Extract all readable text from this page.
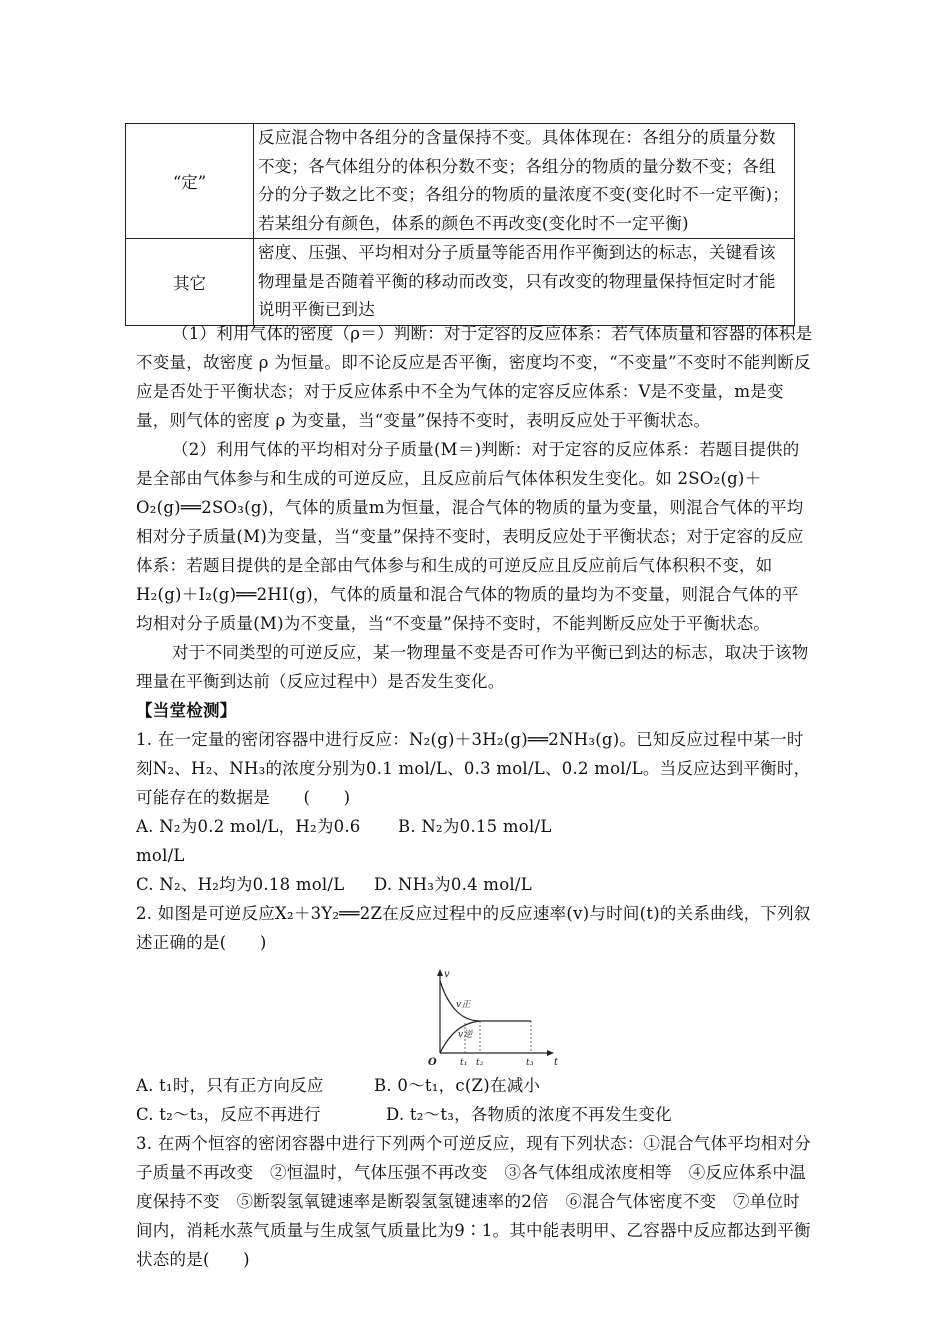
“定”	反应混合物中各组分的含量保持不变。具体体现在：各组分的质量分数不变；各气体组分的体积分数不变；各组分的物质的量分数不变；各组分的分子数之比不变；各组分的物质的量浓度不变(变化时不一定平衡)；若某组分有颜色，体系的颜色不再改变(变化时不一定平衡)
其它	密度、压强、平均相对分子质量等能否用作平衡到达的标志，关键看该物理量是否随着平衡的移动而改变，只有改变的物理量保持恒定时才能说明平衡已到达

（1）利用气体的密度（ρ＝）判断：对于定容的反应体系：若气体质量和容器的体积是不变量，故密度 ρ 为恒量。即不论反应是否平衡，密度均不变，“不变量”不变时不能判断反应是否处于平衡状态；对于反应体系中不全为气体的定容反应体系：V是不变量，m是变量，则气体的密度 ρ 为变量，当“变量”保持不变时，表明反应处于平衡状态。

（2）利用气体的平均相对分子质量(M＝)判断：对于定容的反应体系：若题目提供的是全部由气体参与和生成的可逆反应，且反应前后气体体积发生变化。如 2SO₂(g)＋O₂(g)══2SO₃(g)，气体的质量m为恒量，混合气体的物质的量为变量，则混合气体的平均相对分子质量(M)为变量，当“变量”保持不变时，表明反应处于平衡状态；对于定容的反应体系：若题目提供的是全部由气体参与和生成的可逆反应且反应前后气体积积不变，如 H₂(g)＋I₂(g)══2HI(g)，气体的质量和混合气体的物质的量均为不变量，则混合气体的平均相对分子质量(M)为不变量，当“不变量”保持不变时，不能判断反应处于平衡状态。

对于不同类型的可逆反应，某一物理量不变是否可作为平衡已到达的标志，取决于该物理量在平衡到达前（反应过程中）是否发生变化。

【当堂检测】

1. 在一定量的密闭容器中进行反应：N₂(g)＋3H₂(g)══2NH₃(g)。已知反应过程中某一时刻N₂、H₂、NH₃的浓度分别为0.1 mol/L、0.3 mol/L、0.2 mol/L。当反应达到平衡时，可能存在的数据是　　(　　)

A. N₂为0.2 mol/L，H₂为0.6 mol/L
B. N₂为0.15 mol/L
C. N₂、H₂均为0.18 mol/L	D. NH₃为0.4 mol/L

2. 如图是可逆反应X₂＋3Y₂══2Z在反应过程中的反应速率(v)与时间(t)的关系曲线，下列叙述正确的是(　　)

v
t
O
v正
v逆
t₁ t₂	t₃
A. t₁时，只有正方向反应	B. 0～t₁，c(Z)在减小
C. t₂～t₃，反应不再进行	D. t₂～t₃，各物质的浓度不再发生变化

3. 在两个恒容的密闭容器中进行下列两个可逆反应，现有下列状态：①混合气体平均相对分子质量不再改变　②恒温时，气体压强不再改变　③各气体组成浓度相等　④反应体系中温度保持不变　⑤断裂氢氧键速率是断裂氢氢键速率的2倍　⑥混合气体密度不变　⑦单位时间内，消耗水蒸气质量与生成氢气质量比为9∶1。其中能表明甲、乙容器中反应都达到平衡状态的是(　　)
